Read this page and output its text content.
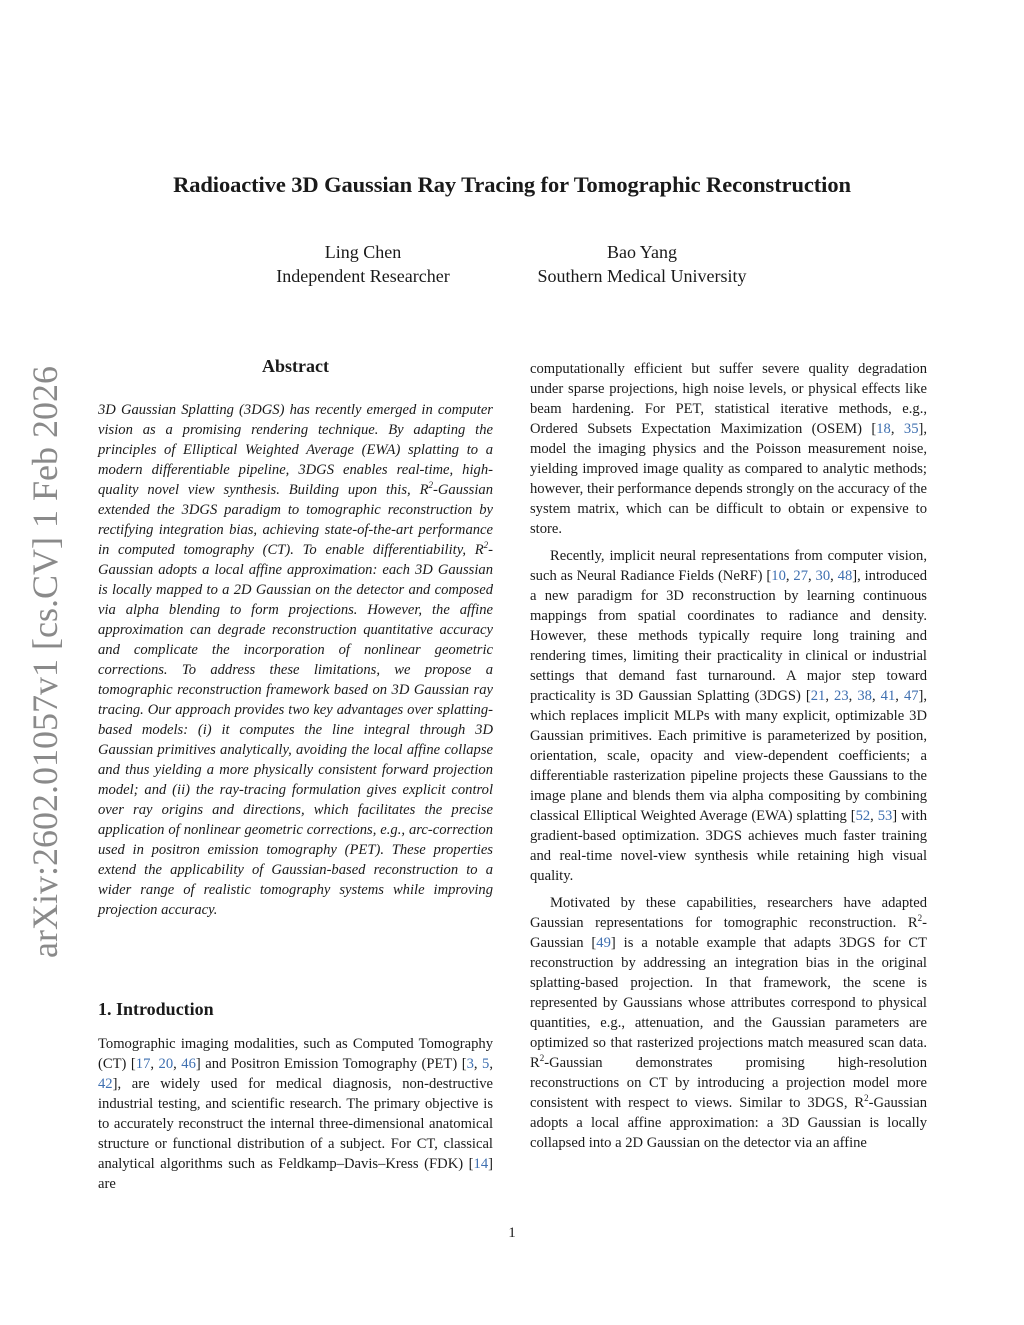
arXiv:2602.01057v1 [cs.CV] 1 Feb 2026
Radioactive 3D Gaussian Ray Tracing for Tomographic Reconstruction
Ling Chen
Independent Researcher
Bao Yang
Southern Medical University
Abstract

3D Gaussian Splatting (3DGS) has recently emerged in computer vision as a promising rendering technique. By adapting the principles of Elliptical Weighted Average (EWA) splatting to a modern differentiable pipeline, 3DGS enables real-time, high-quality novel view synthesis. Building upon this, $R^2$-Gaussian extended the 3DGS paradigm to tomographic reconstruction by rectifying integration bias, achieving state-of-the-art performance in computed tomography (CT). To enable differentiability, $R^2$-Gaussian adopts a local affine approximation: each 3D Gaussian is locally mapped to a 2D Gaussian on the detector and composed via alpha blending to form projections. However, the affine approximation can degrade reconstruction quantitative accuracy and complicate the incorporation of nonlinear geometric corrections. To address these limitations, we propose a tomographic reconstruction framework based on 3D Gaussian ray tracing. Our approach provides two key advantages over splatting-based models: (i) it computes the line integral through 3D Gaussian primitives analytically, avoiding the local affine collapse and thus yielding a more physically consistent forward projection model; and (ii) the ray-tracing formulation gives explicit control over ray origins and directions, which facilitates the precise application of nonlinear geometric corrections, e.g., arc-correction used in positron emission tomography (PET). These properties extend the applicability of Gaussian-based reconstruction to a wider range of realistic tomography systems while improving projection accuracy.

1. Introduction

Tomographic imaging modalities, such as Computed Tomography (CT) [17, 20, 46] and Positron Emission Tomography (PET) [3, 5, 42], are widely used for medical diagnosis, non-destructive industrial testing, and scientific research. The primary objective is to accurately reconstruct the internal three-dimensional anatomical structure or functional distribution of a subject. For CT, classical analytical algorithms such as Feldkamp–Davis–Kress (FDK) [14] are

computationally efficient but suffer severe quality degradation under sparse projections, high noise levels, or physical effects like beam hardening. For PET, statistical iterative methods, e.g., Ordered Subsets Expectation Maximization (OSEM) [18, 35], model the imaging physics and the Poisson measurement noise, yielding improved image quality as compared to analytic methods; however, their performance depends strongly on the accuracy of the system matrix, which can be difficult to obtain or expensive to store.

Recently, implicit neural representations from computer vision, such as Neural Radiance Fields (NeRF) [10, 27, 30, 48], introduced a new paradigm for 3D reconstruction by learning continuous mappings from spatial coordinates to radiance and density. However, these methods typically require long training and rendering times, limiting their practicality in clinical or industrial settings that demand fast turnaround. A major step toward practicality is 3D Gaussian Splatting (3DGS) [21, 23, 38, 41, 47], which replaces implicit MLPs with many explicit, optimizable 3D Gaussian primitives. Each primitive is parameterized by position, orientation, scale, opacity and view-dependent coefficients; a differentiable rasterization pipeline projects these Gaussians to the image plane and blends them via alpha compositing by combining classical Elliptical Weighted Average (EWA) splatting [52, 53] with gradient-based optimization. 3DGS achieves much faster training and real-time novel-view synthesis while retaining high visual quality.

Motivated by these capabilities, researchers have adapted Gaussian representations for tomographic reconstruction. $R^2$-Gaussian [49] is a notable example that adapts 3DGS for CT reconstruction by addressing an integration bias in the original splatting-based projection. In that framework, the scene is represented by Gaussians whose attributes correspond to physical quantities, e.g., attenuation, and the Gaussian parameters are optimized so that rasterized projections match measured scan data. $R^2$-Gaussian demonstrates promising high-resolution reconstructions on CT by introducing a projection model more consistent with respect to views. Similar to 3DGS, $R^2$-Gaussian adopts a local affine approximation: a 3D Gaussian is locally collapsed into a 2D Gaussian on the detector via an affine

1
